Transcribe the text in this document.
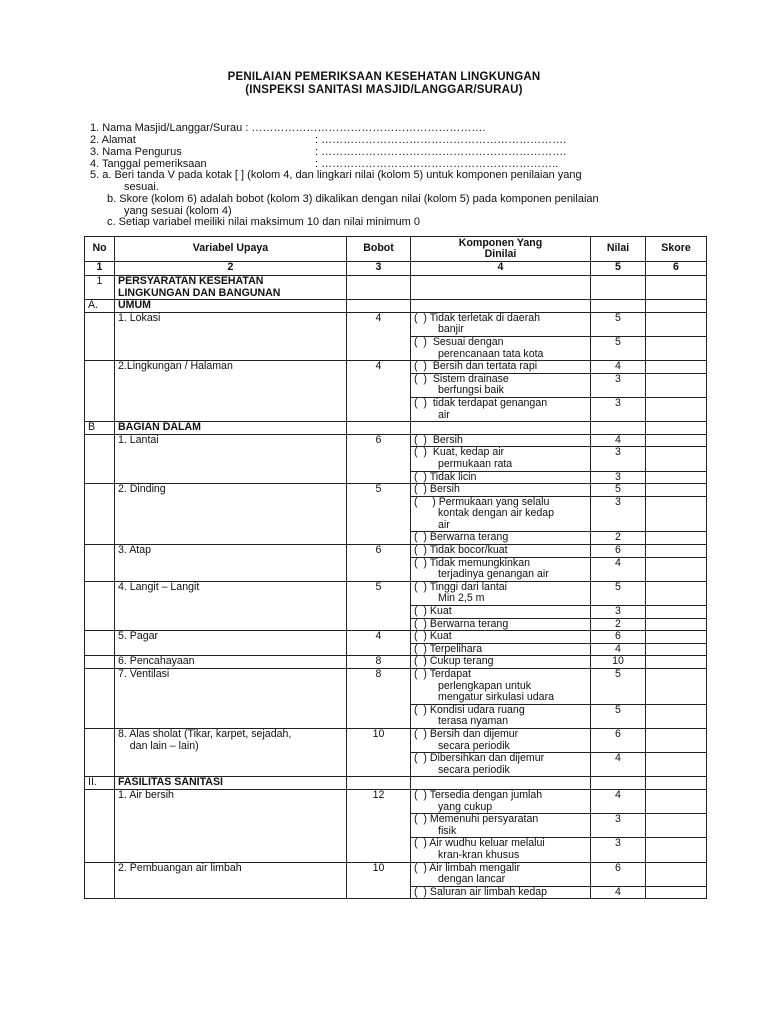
PENILAIAN PEMERIKSAAN KESEHATAN LINGKUNGAN
(INSPEKSI SANITASI MASJID/LANGGAR/SURAU)
1. Nama Masjid/Langgar/Surau : ……………………………………………………….
2. Alamat	: ………………………………………………………….
3. Nama Pengurus	: ………………………………………………………….
4. Tanggal pemeriksaan	: ………………………………………………………..
5. a. Beri tanda V pada kotak [ ] (kolom 4, dan lingkari nilai (kolom 5) untuk komponen penilaian yang
sesuai.
b. Skore (kolom 6) adalah bobot (kolom 3) dikalikan dengan nilai (kolom 5) pada komponen penilaian
yang sesuai (kolom 4)
c. Setiap variabel meiliki nilai maksimum 10 dan nilai minimum 0
No	Variabel Upaya	Bobot	Komponen Yang
Dinilai	Nilai	Skore
1	2	3	4	5	6
1	PERSYARATAN KESEHATAN
LINGKUNGAN DAN BANGUNAN				
A.	UMUM				
	1. Lokasi	4	(  ) Tidak terletak di daerah
banjir	5	

			(  )  Sesuai dengan
perencanaan tata kota	5	
	2.Lingkungan / Halaman	4	(  )  Bersih dan tertata rapi	4	

			(  )  Sistem drainase
berfungsi baik	3	

			(  )  tidak terdapat genangan
air	3	
B	BAGIAN DALAM				
	1. Lantai	6	(  )  Bersih	4	

			(  )  Kuat, kedap air
permukaan rata	3	

			(  ) Tidak licin	3	
	2. Dinding	5	(  ) Bersih	5	

			(     ) Permukaan yang selalu
kontak dengan air kedap
air	3	

			(  ) Berwarna terang	2	
	3. Atap	6	(  ) Tidak bocor/kuat	6	

			(  ) Tidak memungkinkan
terjadinya genangan air	4	
	4. Langit – Langit	5	(  ) Tinggi dari lantai
Min 2,5 m	5	

			(  ) Kuat	3	

			(  ) Berwarna terang	2	
	5. Pagar	4	(  ) Kuat	6	

			(  ) Terpelihara	4	
	6. Pencahayaan	8	(  ) Cukup terang	10	
	7. Ventilasi	8	(  ) Terdapat
perlengkapan untuk
mengatur sirkulasi udara	5	

			(  ) Kondisi udara ruang
terasa nyaman	5	
	8. Alas sholat (Tikar, karpet, sejadah,
dan lain – lain)	10	(  ) Bersih dan dijemur
secara periodik	6	

			(  ) Dibersihkan dan dijemur
secara periodik	4	
II.	FASILITAS SANITASI				
	1. Air bersih	12	(  ) Tersedia dengan jumlah
yang cukup	4	

			(  ) Memenuhi persyaratan
fisik	3	

			(  ) Air wudhu keluar melalui
kran-kran khusus	3	
	2. Pembuangan air limbah	10	(  ) Air limbah mengalir
dengan lancar	6	

			(  ) Saluran air limbah kedap	4	
